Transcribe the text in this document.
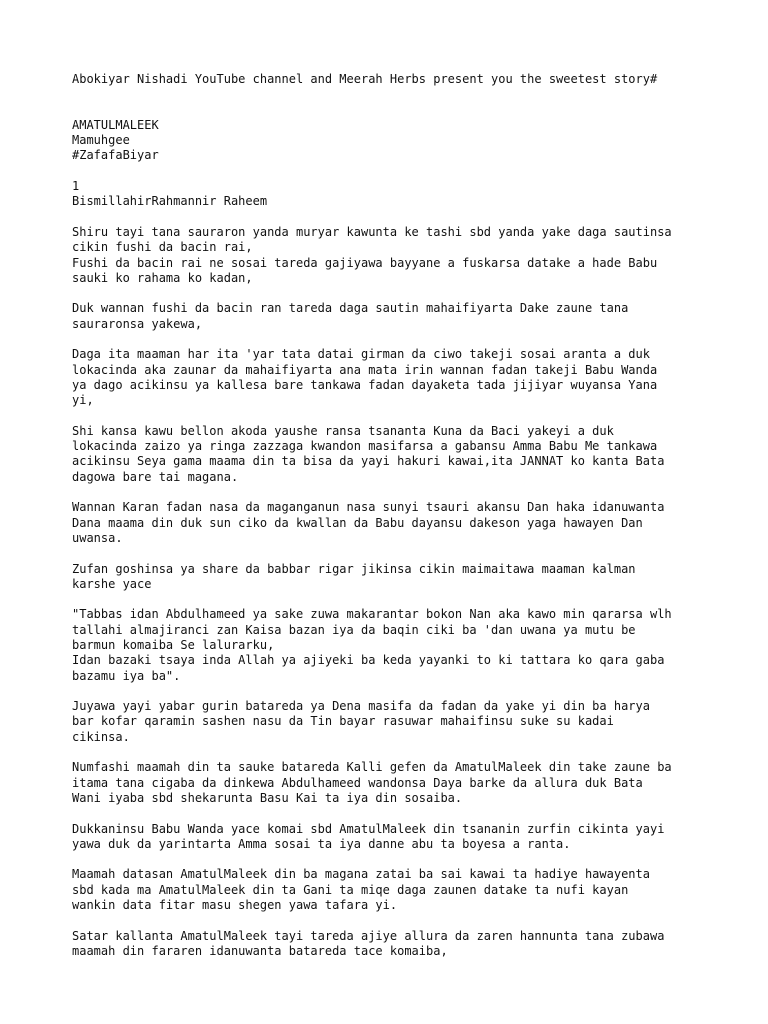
Abokiyar Nishadi YouTube channel and Meerah Herbs present you the sweetest story#
AMATULMALEEK
Mamuhgee
#ZafafaBiyar
1
BismillahirRahmannir Raheem

Shiru tayi tana sauraron yanda muryar kawunta ke tashi sbd yanda yake daga sautinsa
cikin fushi da bacin rai,
Fushi da bacin rai ne sosai tareda gajiyawa bayyane a fuskarsa datake a hade Babu
sauki ko rahama ko kadan,

Duk wannan fushi da bacin ran tareda daga sautin mahaifiyarta Dake zaune tana
sauraronsa yakewa,

Daga ita maaman har ita 'yar tata datai girman da ciwo takeji sosai aranta a duk
lokacinda aka zaunar da mahaifiyarta ana mata irin wannan fadan takeji Babu Wanda
ya dago acikinsu ya kallesa bare tankawa fadan dayaketa tada jijiyar wuyansa Yana
yi,

Shi kansa kawu bellon akoda yaushe ransa tsananta Kuna da Baci yakeyi a duk
lokacinda zaizo ya ringa zazzaga kwandon masifarsa a gabansu Amma Babu Me tankawa
acikinsu Seya gama maama din ta bisa da yayi hakuri kawai,ita JANNAT ko kanta Bata
dagowa bare tai magana.

Wannan Karan fadan nasa da maganganun nasa sunyi tsauri akansu Dan haka idanuwanta
Dana maama din duk sun ciko da kwallan da Babu dayansu dakeson yaga hawayen Dan
uwansa.

Zufan goshinsa ya share da babbar rigar jikinsa cikin maimaitawa maaman kalman
karshe yace

"Tabbas idan Abdulhameed ya sake zuwa makarantar bokon Nan aka kawo min qararsa wlh
tallahi almajiranci zan Kaisa bazan iya da baqin ciki ba 'dan uwana ya mutu be
barmun komaiba Se lalurarku,
Idan bazaki tsaya inda Allah ya ajiyeki ba keda yayanki to ki tattara ko qara gaba
bazamu iya ba".

Juyawa yayi yabar gurin batareda ya Dena masifa da fadan da yake yi din ba harya
bar kofar qaramin sashen nasu da Tin bayar rasuwar mahaifinsu suke su kadai
cikinsa.

Numfashi maamah din ta sauke batareda Kalli gefen da AmatulMaleek din take zaune ba
itama tana cigaba da dinkewa Abdulhameed wandonsa Daya barke da allura duk Bata
Wani iyaba sbd shekarunta Basu Kai ta iya din sosaiba.

Dukkaninsu Babu Wanda yace komai sbd AmatulMaleek din tsananin zurfin cikinta yayi
yawa duk da yarintarta Amma sosai ta iya danne abu ta boyesa a ranta.

Maamah datasan AmatulMaleek din ba magana zatai ba sai kawai ta hadiye hawayenta
sbd kada ma AmatulMaleek din ta Gani ta miqe daga zaunen datake ta nufi kayan
wankin data fitar masu shegen yawa tafara yi.

Satar kallanta AmatulMaleek tayi tareda ajiye allura da zaren hannunta tana zubawa
maamah din fararen idanuwanta batareda tace komaiba,
